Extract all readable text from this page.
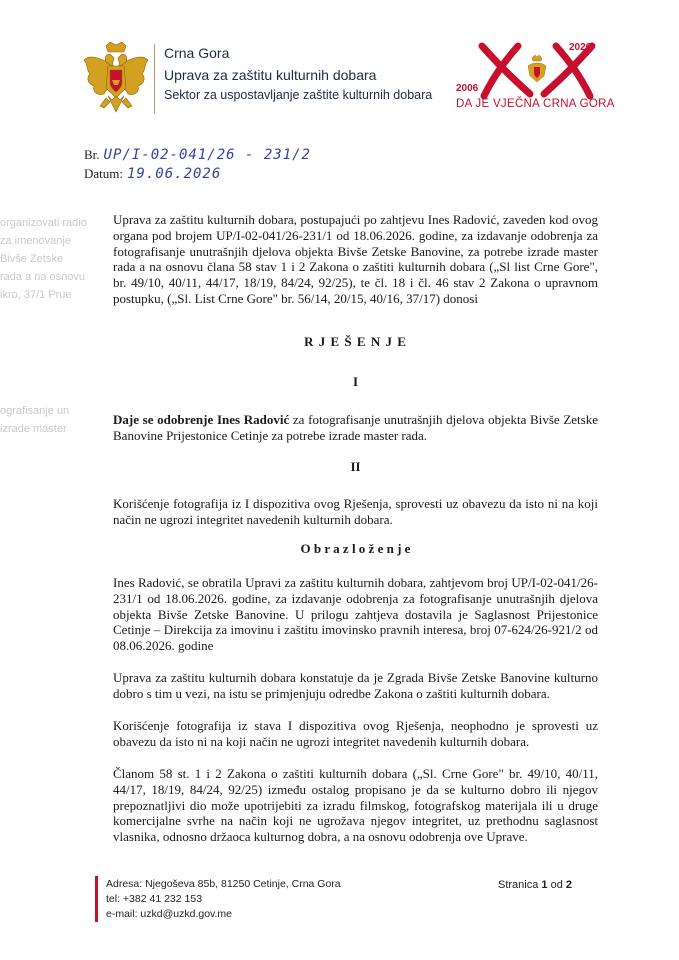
Crna Gora
Uprava za zaštitu kulturnih dobara
Sektor za uspostavljanje zaštite kulturnih dobara 2006
2026
DA JE VJEČNA CRNA GORA
Br. UP/I-02-041/26 - 231/2
Datum: 19.06.2026
organizovati radio
za imenovanje
Bivše Zetske
rada a na osnovu
ikro, 37/1 Prue
ografisanje un
izrade master
Uprava za zaštitu kulturnih dobara, postupajući po zahtjevu Ines Radović, zaveden kod ovog organa pod brojem UP/I-02-041/26-231/1 od 18.06.2026. godine, za izdavanje odobrenja za fotografisanje unutrašnjih djelova objekta Bivše Zetske Banovine, za potrebe izrade master rada a na osnovu člana 58 stav 1 i 2 Zakona o zaštiti kulturnih dobara („Sl list Crne Gore", br. 49/10, 40/11, 44/17, 18/19, 84/24, 92/25), te čl. 18 i čl. 46 stav 2 Zakona o upravnom postupku, („Sl. List Crne Gore" br. 56/14, 20/15, 40/16, 37/17) donosi
R J E Š E N J E
I
Daje se odobrenje Ines Radović za fotografisanje unutrašnjih djelova objekta Bivše Zetske Banovine Prijestonice Cetinje za potrebe izrade master rada.
II
Korišćenje fotografija iz I dispozitiva ovog Rješenja, sprovesti uz obavezu da isto ni na koji način ne ugrozi integritet navedenih kulturnih dobara.
O b r a z l o ž e n j e
Ines Radović, se obratila Upravi za zaštitu kulturnih dobara, zahtjevom broj UP/I-02-041/26-231/1 od 18.06.2026. godine, za izdavanje odobrenja za fotografisanje unutrašnjih djelova objekta Bivše Zetske Banovine. U prilogu zahtjeva dostavila je Saglasnost Prijestonice Cetinje – Direkcija za imovinu i zaštitu imovinsko pravnih interesa, broj 07-624/26-921/2 od 08.06.2026. godine
Uprava za zaštitu kulturnih dobara konstatuje da je Zgrada Bivše Zetske Banovine kulturno dobro s tim u vezi, na istu se primjenjuju odredbe Zakona o zaštiti kulturnih dobara.
Korišćenje fotografija iz stava I dispozitiva ovog Rješenja, neophodno je sprovesti uz obavezu da isto ni na koji način ne ugrozi integritet navedenih kulturnih dobara.
Članom 58 st. 1 i 2 Zakona o zaštiti kulturnih dobara („Sl. Crne Gore" br. 49/10, 40/11, 44/17, 18/19, 84/24, 92/25) između ostalog propisano je da se kulturno dobro ili njegov prepoznatljivi dio može upotrijebiti za izradu filmskog, fotografskog materijala ili u druge komercijalne svrhe na način koji ne ugrožava njegov integritet, uz prethodnu saglasnost vlasnika, odnosno držaoca kulturnog dobra, a na osnovu odobrenja ove Uprave.
Adresa: Njegoševa 85b, 81250 Cetinje, Crna Gora
tel: +382 41 232 153
e-mail: uzkd@uzkd.gov.me
Stranica 1 od 2
